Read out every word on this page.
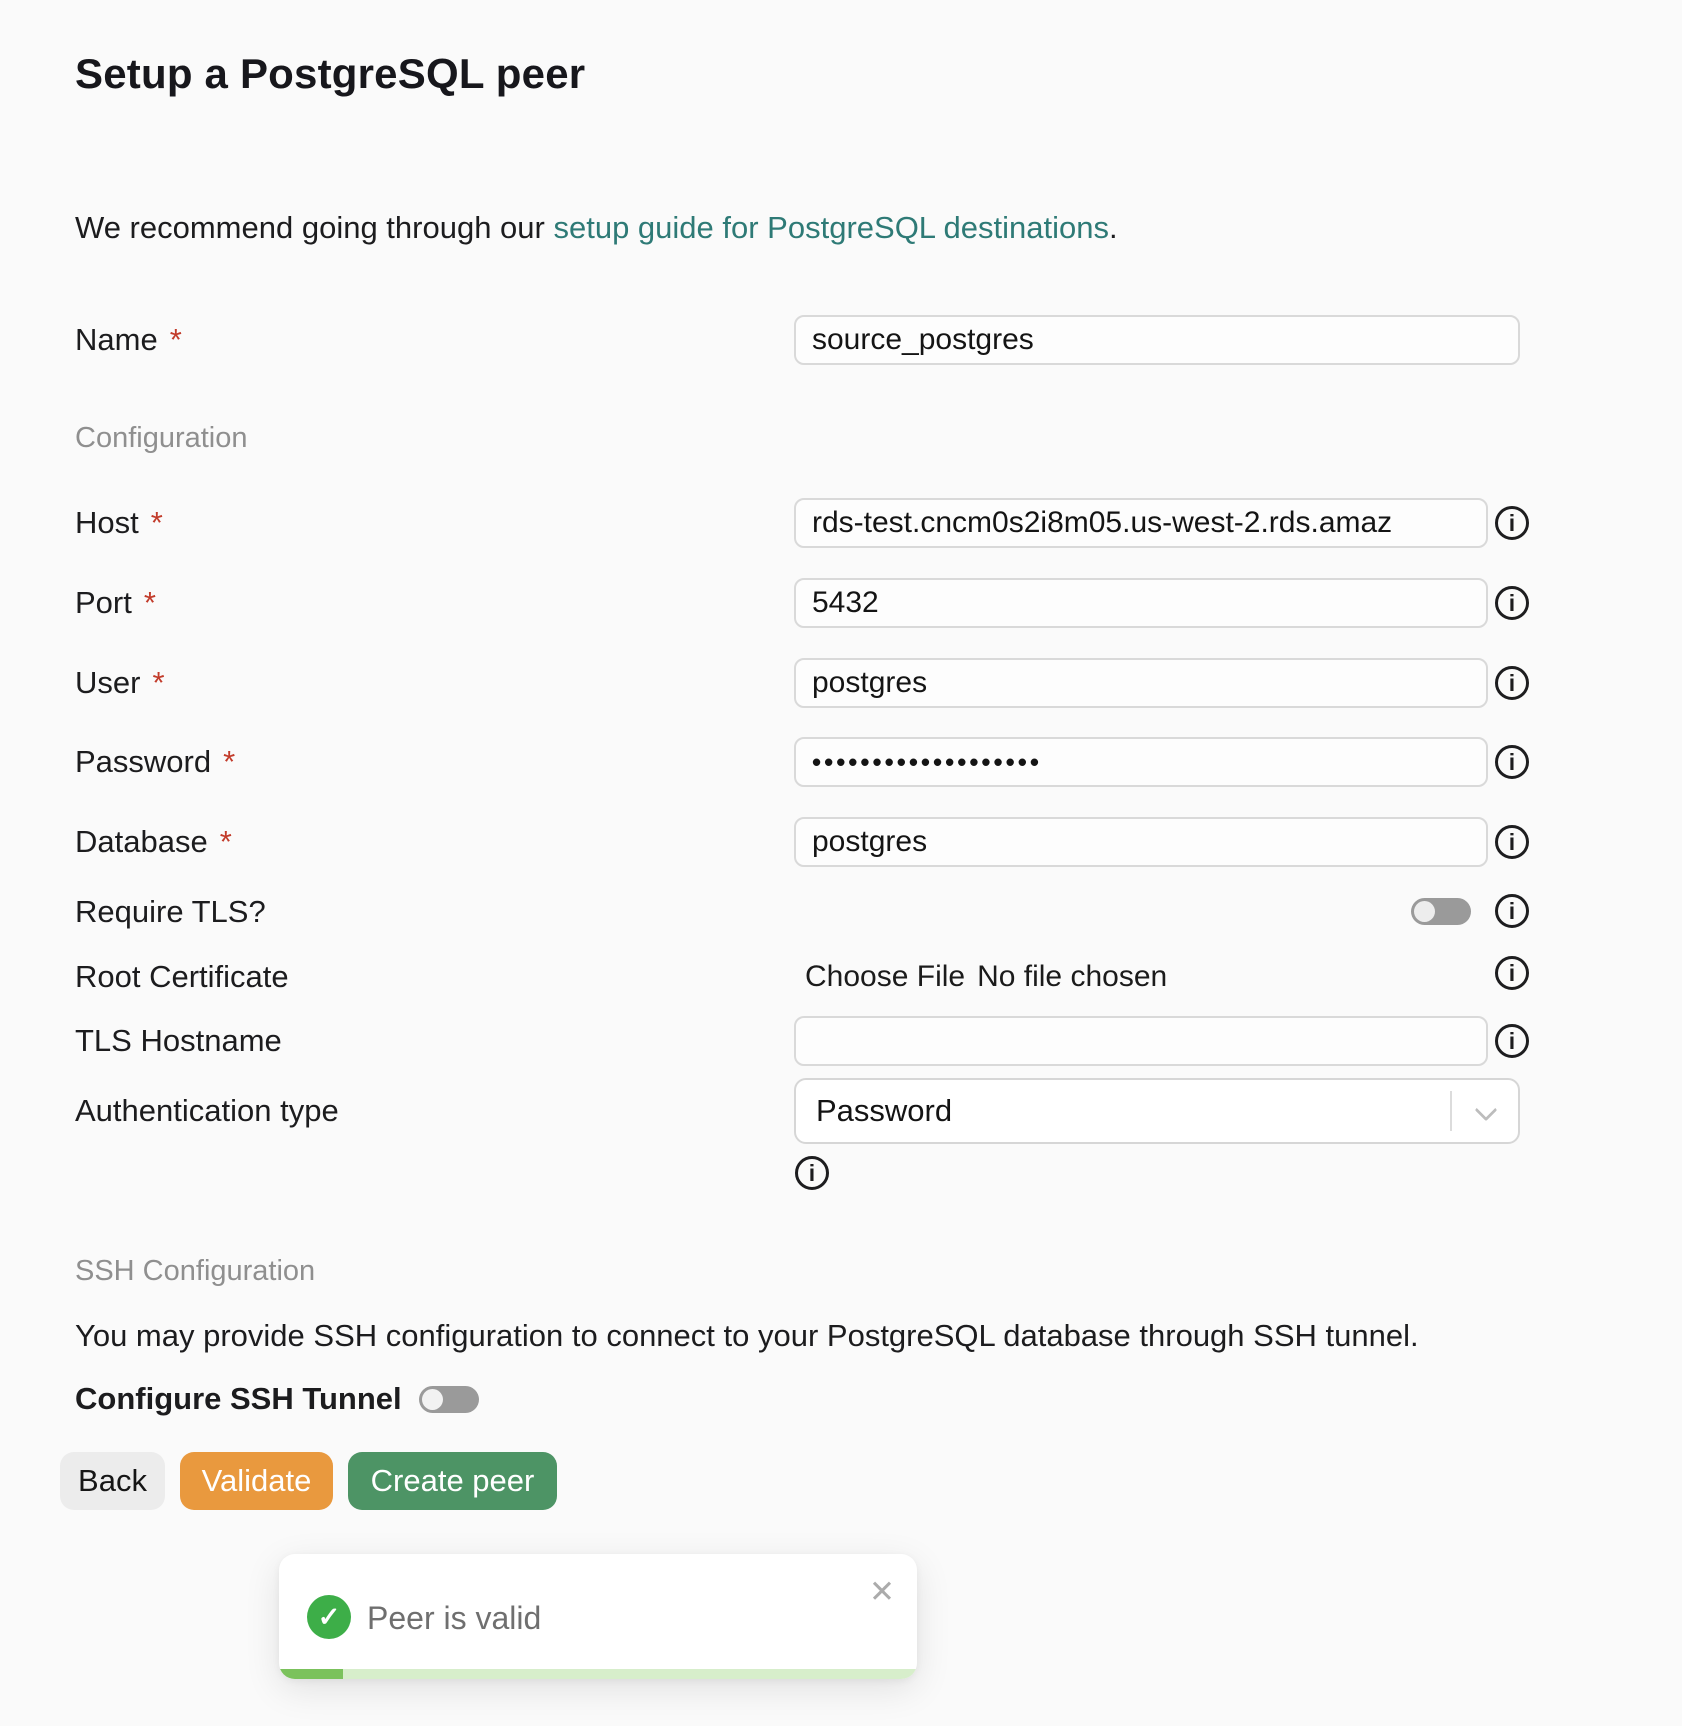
Setup a PostgreSQL peer

We recommend going through our setup guide for PostgreSQL destinations.

Name *
source_postgres
Configuration
Host *
rds-test.cncm0s2i8m05.us-west-2.rds.amaz	i
Port *
5432	i
User *
postgres	i
Password *
•••••••••••••••••••	i
Database *
postgres	i
Require TLS?	i
Root Certificate	Choose File No file chosen	i
TLS Hostname	i
Authentication type	Password
i
SSH Configuration
You may provide SSH configuration to connect to your PostgreSQL database through SSH tunnel.
Configure SSH Tunnel
Back	Validate	Create peer
✓ Peer is valid
✕
